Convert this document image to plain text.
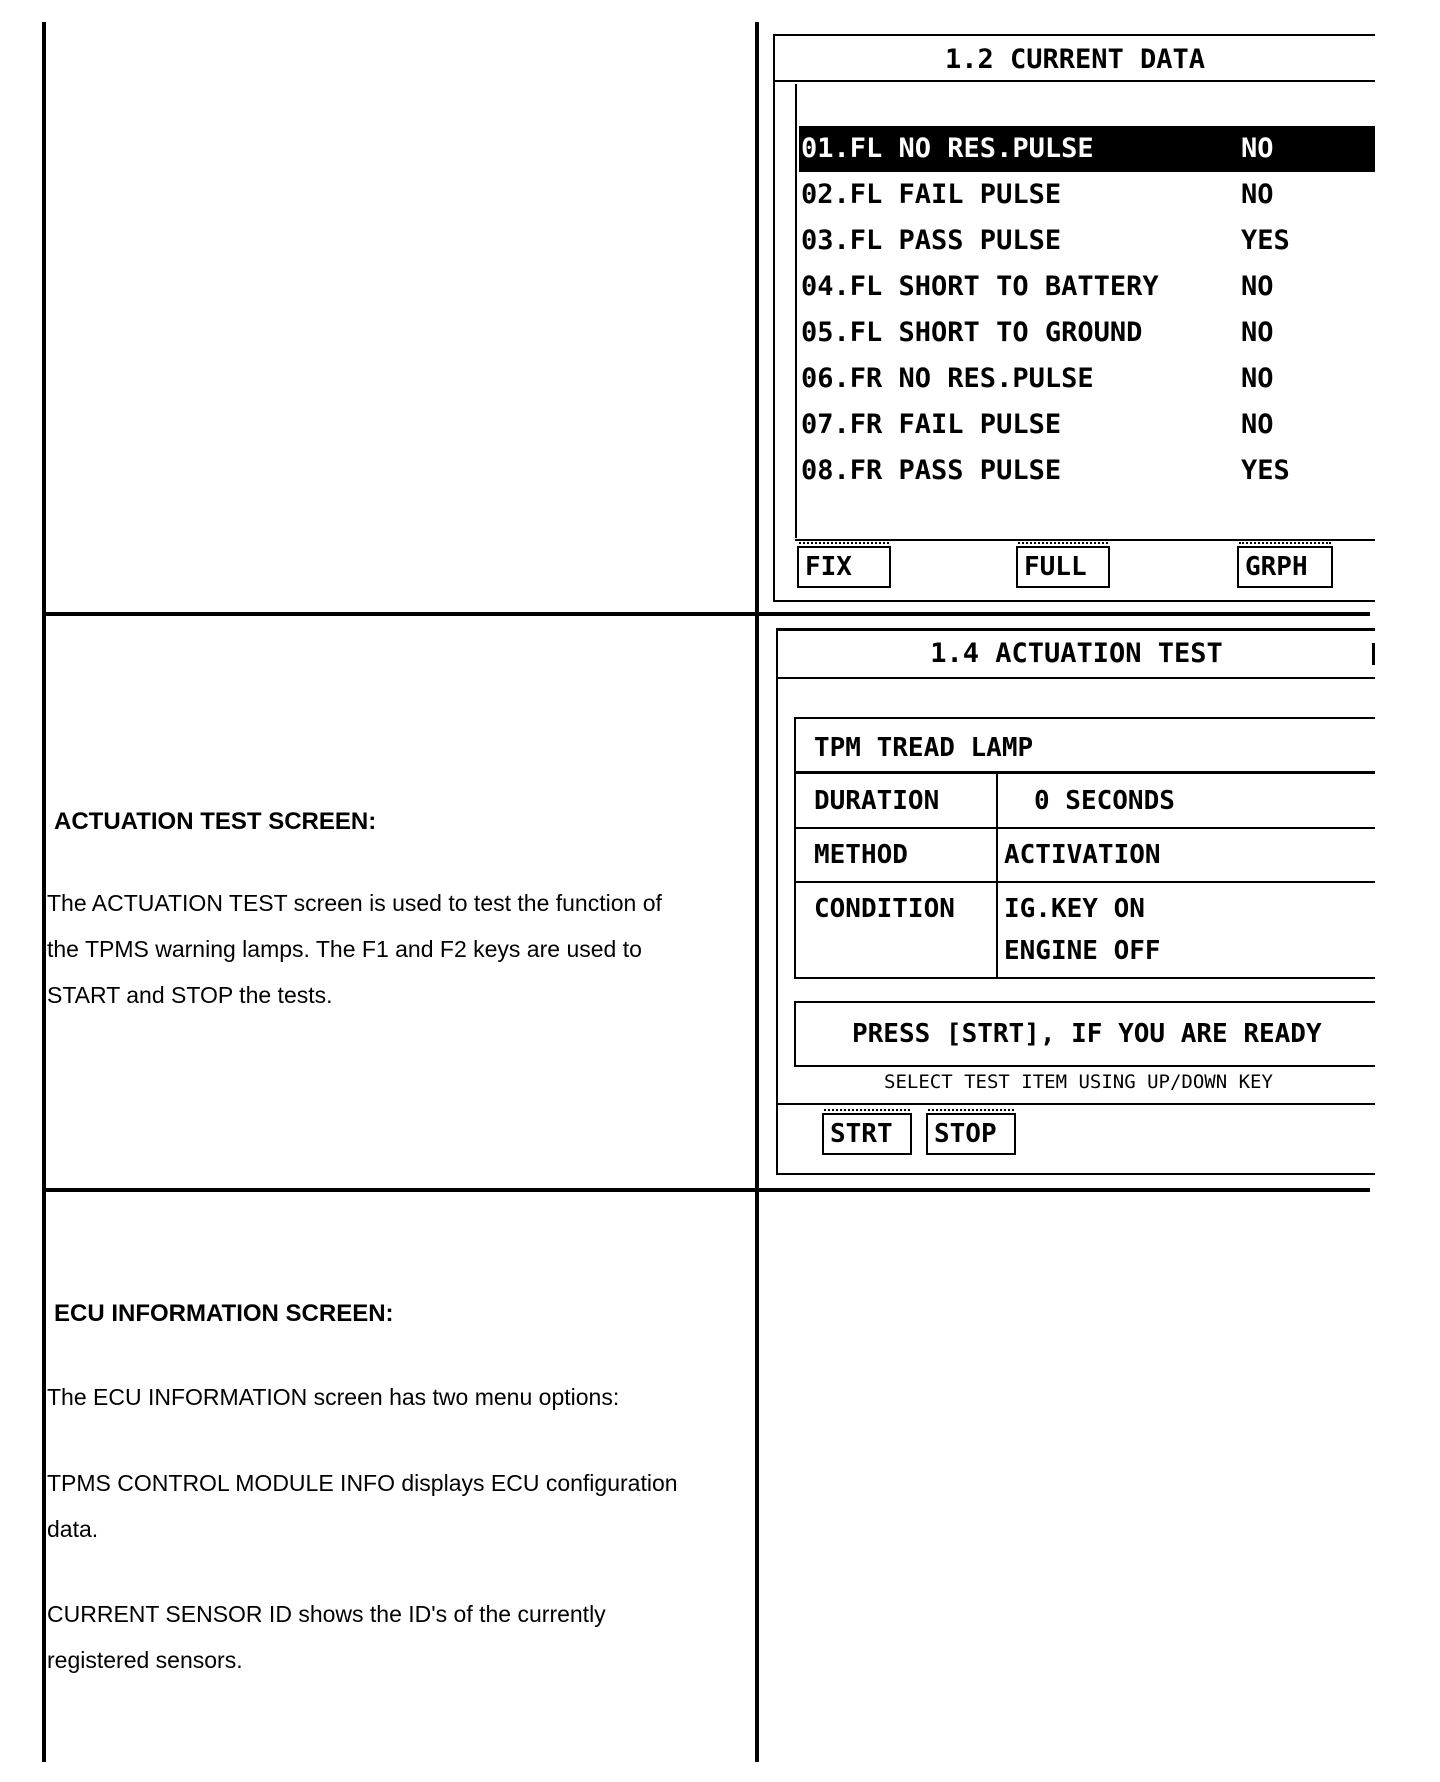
1.2 CURRENT DATA
01.FL NO RES.PULSE	NO
02.FL FAIL PULSE	NO
03.FL PASS PULSE	YES
04.FL SHORT TO BATTERY	NO
05.FL SHORT TO GROUND	NO
06.FR NO RES.PULSE	NO
07.FR FAIL PULSE	NO
08.FR PASS PULSE	YES
FIX	FULL	GRPH
ACTUATION TEST SCREEN:
The ACTUATION TEST screen is used to test the function of
the TPMS warning lamps. The F1 and F2 keys are used to
START and STOP the tests.
1.4 ACTUATION TEST
TPM TREAD LAMP
DURATION	0 SECONDS
METHOD	ACTIVATION
CONDITION IG.KEY ON
ENGINE OFF
PRESS [STRT], IF YOU ARE READY
SELECT TEST ITEM USING UP/DOWN KEY
STRT	STOP
ECU INFORMATION SCREEN:
The ECU INFORMATION screen has two menu options:
TPMS CONTROL MODULE INFO displays ECU configuration
data.
CURRENT SENSOR ID shows the ID's of the currently
registered sensors.
